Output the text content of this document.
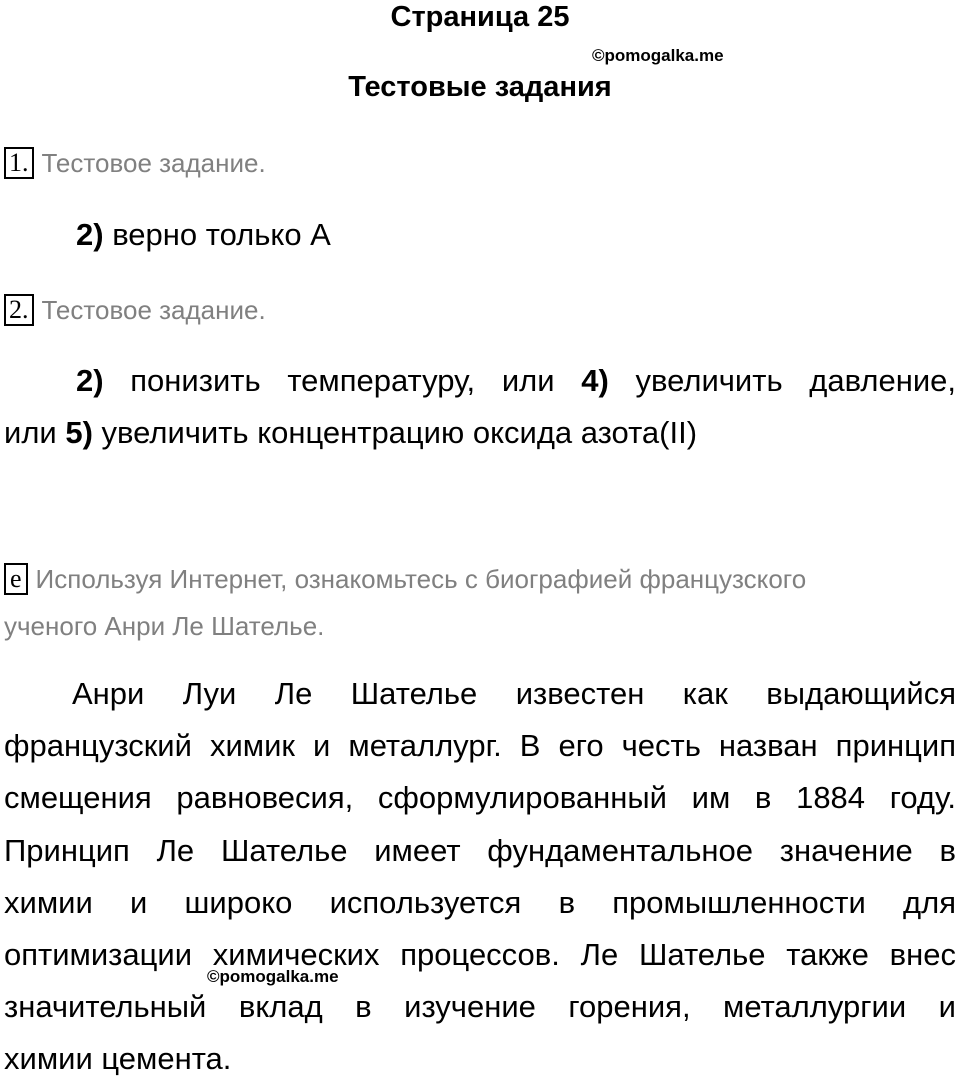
Страница 25
©pomogalka.me
Тестовые задания
1. Тестовое задание.
2) верно только А
2. Тестовое задание.
2) понизить температуру, или 4) увеличить давление,
или 5) увеличить концентрацию оксида азота(II)
е Используя Интернет, ознакомьтесь с биографией французского
ученого Анри Ле Шателье.
Анри Луи Ле Шателье известен как выдающийся
французский химик и металлург. В его честь назван принцип
смещения равновесия, сформулированный им в 1884 году.
Принцип Ле Шателье имеет фундаментальное значение в
химии и широко используется в промышленности для
оптимизации химических процессов. Ле Шателье также внес
значительный вклад в изучение горения, металлургии и
химии цемента.
©pomogalka.me
